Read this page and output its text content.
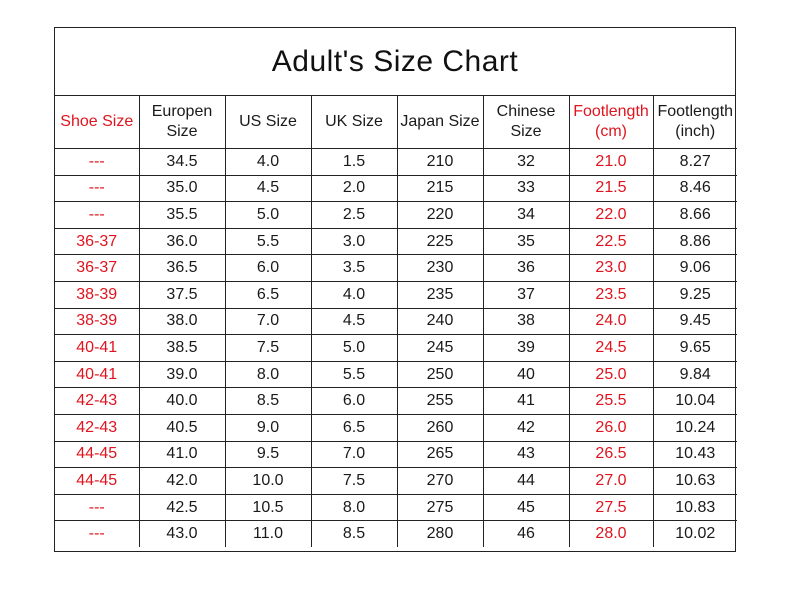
Adult's Size Chart
Shoe Size	Europen Size	US Size	UK Size	Japan Size	Chinese Size	Footlength (cm)	Footlength (inch)
---	34.5	4.0	1.5	210	32	21.0	8.27
---	35.0	4.5	2.0	215	33	21.5	8.46
---	35.5	5.0	2.5	220	34	22.0	8.66
36-37	36.0	5.5	3.0	225	35	22.5	8.86
36-37	36.5	6.0	3.5	230	36	23.0	9.06
38-39	37.5	6.5	4.0	235	37	23.5	9.25
38-39	38.0	7.0	4.5	240	38	24.0	9.45
40-41	38.5	7.5	5.0	245	39	24.5	9.65
40-41	39.0	8.0	5.5	250	40	25.0	9.84
42-43	40.0	8.5	6.0	255	41	25.5	10.04
42-43	40.5	9.0	6.5	260	42	26.0	10.24
44-45	41.0	9.5	7.0	265	43	26.5	10.43
44-45	42.0	10.0	7.5	270	44	27.0	10.63
---	42.5	10.5	8.0	275	45	27.5	10.83
---	43.0	11.0	8.5	280	46	28.0	10.02
